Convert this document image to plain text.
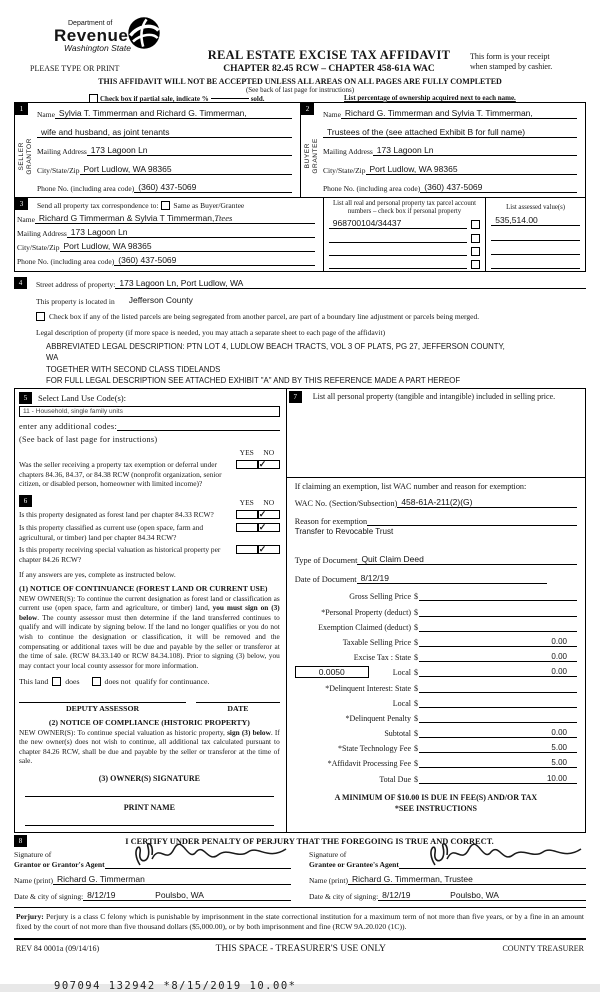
Department of
Revenue
Washington State	REAL ESTATE EXCISE TAX AFFIDAVIT
CHAPTER 82.45 RCW – CHAPTER 458-61A WAC
This form is your receipt
when stamped by cashier.
PLEASE TYPE OR PRINT
THIS AFFIDAVIT WILL NOT BE ACCEPTED UNLESS ALL AREAS ON ALL PAGES ARE FULLY COMPLETED
(See back of last page for instructions)
Check box if partial sale, indicate %	sold.	List percentage of ownership acquired next to each name.
1
SELLER GRANTOR
Name Sylvia T. Timmerman and Richard G. Timmerman,
wife and husband, as joint tenants
Mailing Address 173 Lagoon Ln
City/State/Zip Port Ludlow, WA 98365
Phone No. (including area code) (360) 437-5069
2
BUYER GRANTEE
Name Richard G. Timmerman and Sylvia T. Timmerman,
Trustees of the (see attached Exhibit B for full name)
Mailing Address 173 Lagoon Ln
City/State/Zip Port Ludlow, WA 98365
Phone No. (including area code) (360) 437-5069
3	Send all property tax correspondence to: Same as Buyer/Grantee
Name Richard G Timmerman & Sylvia T Timmerman,Ttees
Mailing Address 173 Lagoon Ln
City/State/Zip Port Ludlow, WA 98365
Phone No. (including area code) (360) 437-5069
List all real and personal property tax parcel account numbers – check box if personal property
968700104/34437
List assessed value(s)
535,514.00
4	Street address of property: 173 Lagoon Ln, Port Ludlow, WA
This property is located in	Jefferson County
Check box if any of the listed parcels are being segregated from another parcel, are part of a boundary line adjustment or parcels being merged.
Legal description of property (if more space is needed, you may attach a separate sheet to each page of the affidavit)
ABBREVIATED LEGAL DESCRIPTION: PTN LOT 4, LUDLOW BEACH TRACTS, VOL 3 OF PLATS, PG 27, JEFFERSON COUNTY,
WA
TOGETHER WITH SECOND CLASS TIDELANDS
FOR FULL LEGAL DESCRIPTION SEE ATTACHED EXHIBIT "A" AND BY THIS REFERENCE MADE A PART HEREOF
5	Select Land Use Code(s):
11 - Household, single family units
enter any additional codes:
(See back of last page for instructions)
YES	NO
Was the seller receiving a property tax exemption or deferral under chapters 84.36, 84.37, or 84.38 RCW (nonprofit organization, senior citizen, or disabled person, homeowner with limited income)?
✓
6	YES	NO
Is this property designated as forest land per chapter 84.33 RCW?
✓
Is this property classified as current use (open space, farm and agricultural, or timber) land per chapter 84.34 RCW?
✓
Is this property receiving special valuation as historical property per chapter 84.26 RCW?
✓
If any answers are yes, complete as instructed below.
(1) NOTICE OF CONTINUANCE (FOREST LAND OR CURRENT USE)
NEW OWNER(S): To continue the current designation as forest land or classification as current use (open space, farm and agriculture, or timber) land, you must sign on (3) below. The county assessor must then determine if the land transferred continues to qualify and will indicate by signing below. If the land no longer qualifies or you do not wish to continue the designation or classification, it will be removed and the compensating or additional taxes will be due and payable by the seller or transferor at the time of sale. (RCW 84.33.140 or RCW 84.34.108). Prior to signing (3) below, you may contact your local county assessor for more information.
This land does	does not qualify for continuance.
DEPUTY ASSESSOR	DATE
(2) NOTICE OF COMPLIANCE (HISTORIC PROPERTY)
NEW OWNER(S): To continue special valuation as historic property, sign (3) below. If the new owner(s) does not wish to continue, all additional tax calculated pursuant to chapter 84.26 RCW, shall be due and payable by the seller or transferor at the time of sale.
(3) OWNER(S) SIGNATURE
PRINT NAME
7	List all personal property (tangible and intangible) included in selling price.

If claiming an exemption, list WAC number and reason for exemption:
WAC No. (Section/Subsection) 458-61A-211(2)(G)
Reason for exemption
Transfer to Revocable Trust
Type of Document Quit Claim Deed
Date of Document 8/12/19
Gross Selling Price $
*Personal Property (deduct) $
Exemption Claimed (deduct) $
Taxable Selling Price $	0.00
Excise Tax : State $	0.00
0.0050	Local $	0.00
*Delinquent Interest: State $
Local $
*Delinquent Penalty $
Subtotal $	0.00
*State Technology Fee $	5.00
*Affidavit Processing Fee $	5.00
Total Due $	10.00
A MINIMUM OF $10.00 IS DUE IN FEE(S) AND/OR TAX
*SEE INSTRUCTIONS
8	I CERTIFY UNDER PENALTY OF PERJURY THAT THE FOREGOING IS TRUE AND CORRECT.
Signature of
Grantor or Grantor's Agent
Name (print) Richard G. Timmerman
Date & city of signing: 8/12/19	Poulsbo, WA
Signature of
Grantee or Grantee's Agent
Name (print) Richard G. Timmerman, Trustee
Date & city of signing: 8/12/19	Poulsbo, WA
Perjury: Perjury is a class C felony which is punishable by imprisonment in the state correctional institution for a maximum term of not more than five years, or by a fine in an amount fixed by the court of not more than five thousand dollars ($5,000.00), or by both imprisonment and fine (RCW 9A.20.020 (1C)).
REV 84 0001a (09/14/16)	THIS SPACE - TREASURER'S USE ONLY	COUNTY TREASURER
907094 132942 *8/15/2019 10.00*
